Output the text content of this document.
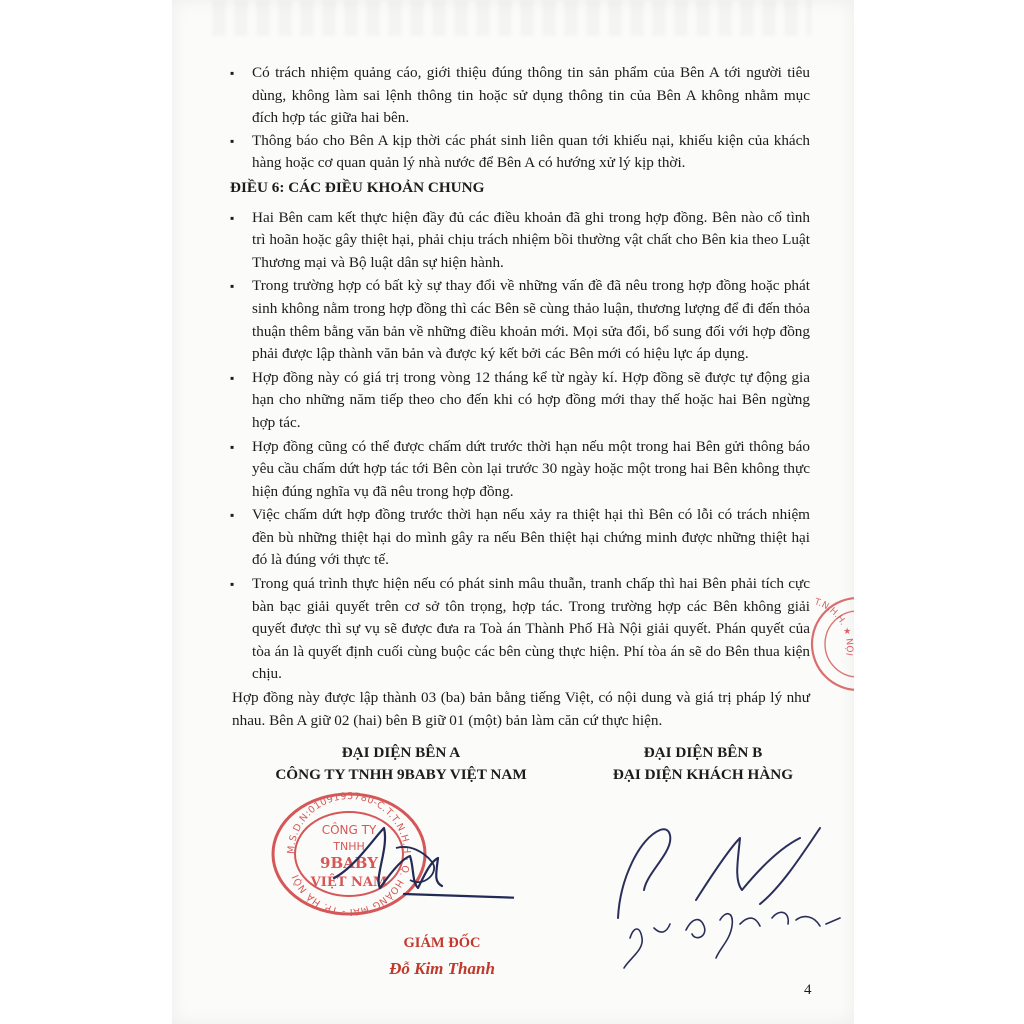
▪ Có trách nhiệm quảng cáo, giới thiệu đúng thông tin sản phẩm của Bên A tới người tiêu dùng, không làm sai lệnh thông tin hoặc sử dụng thông tin của Bên A không nhằm mục đích hợp tác giữa hai bên.
▪ Thông báo cho Bên A kịp thời các phát sinh liên quan tới khiếu nại, khiếu kiện của khách hàng hoặc cơ quan quản lý nhà nước để Bên A có hướng xử lý kịp thời.
ĐIỀU 6: CÁC ĐIỀU KHOẢN CHUNG
▪ Hai Bên cam kết thực hiện đầy đủ các điều khoản đã ghi trong hợp đồng. Bên nào cố tình trì hoãn hoặc gây thiệt hại, phải chịu trách nhiệm bồi thường vật chất cho Bên kia theo Luật Thương mại và Bộ luật dân sự hiện hành.
▪ Trong trường hợp có bất kỳ sự thay đổi về những vấn đề đã nêu trong hợp đồng hoặc phát sinh không nằm trong hợp đồng thì các Bên sẽ cùng thảo luận, thương lượng để đi đến thỏa thuận thêm bằng văn bản về những điều khoản mới. Mọi sửa đổi, bổ sung đối với hợp đồng phải được lập thành văn bản và được ký kết bởi các Bên mới có hiệu lực áp dụng.
▪ Hợp đồng này có giá trị trong vòng 12 tháng kể từ ngày kí. Hợp đồng sẽ được tự động gia hạn cho những năm tiếp theo cho đến khi có hợp đồng mới thay thế hoặc hai Bên ngừng hợp tác.
▪ Hợp đồng cũng có thể được chấm dứt trước thời hạn nếu một trong hai Bên gửi thông báo yêu cầu chấm dứt hợp tác tới Bên còn lại trước 30 ngày hoặc một trong hai Bên không thực hiện đúng nghĩa vụ đã nêu trong hợp đồng.
▪ Việc chấm dứt hợp đồng trước thời hạn nếu xảy ra thiệt hại thì Bên có lỗi có trách nhiệm đền bù những thiệt hại do mình gây ra nếu Bên thiệt hại chứng minh được những thiệt hại đó là đúng với thực tế.
▪ Trong quá trình thực hiện nếu có phát sinh mâu thuẫn, tranh chấp thì hai Bên phải tích cực bàn bạc giải quyết trên cơ sở tôn trọng, hợp tác. Trong trường hợp các Bên không giải quyết được thì sự vụ sẽ được đưa ra Toà án Thành Phố Hà Nội giải quyết. Phán quyết của tòa án là quyết định cuối cùng buộc các bên cùng thực hiện. Phí tòa án sẽ do Bên thua kiện chịu.
Hợp đồng này được lập thành 03 (ba) bản bằng tiếng Việt, có nội dung và giá trị pháp lý như nhau. Bên A giữ 02 (hai) bên B giữ 01 (một) bản làm căn cứ thực hiện.
T.N.H.H. ★ NỘI
ĐẠI DIỆN BÊN A
CÔNG TY TNHH 9BABY VIỆT NAM
ĐẠI DIỆN BÊN B
ĐẠI DIỆN KHÁCH HÀNG
M.S.D.N:0109195780-C.T.T.N.H.H · Q. HOÀNG MAI - TP. HÀ NỘI
CÔNG TY
TNHH
9BABY
VIỆT NAM
GIÁM ĐỐC
Đỗ Kim Thanh
4
